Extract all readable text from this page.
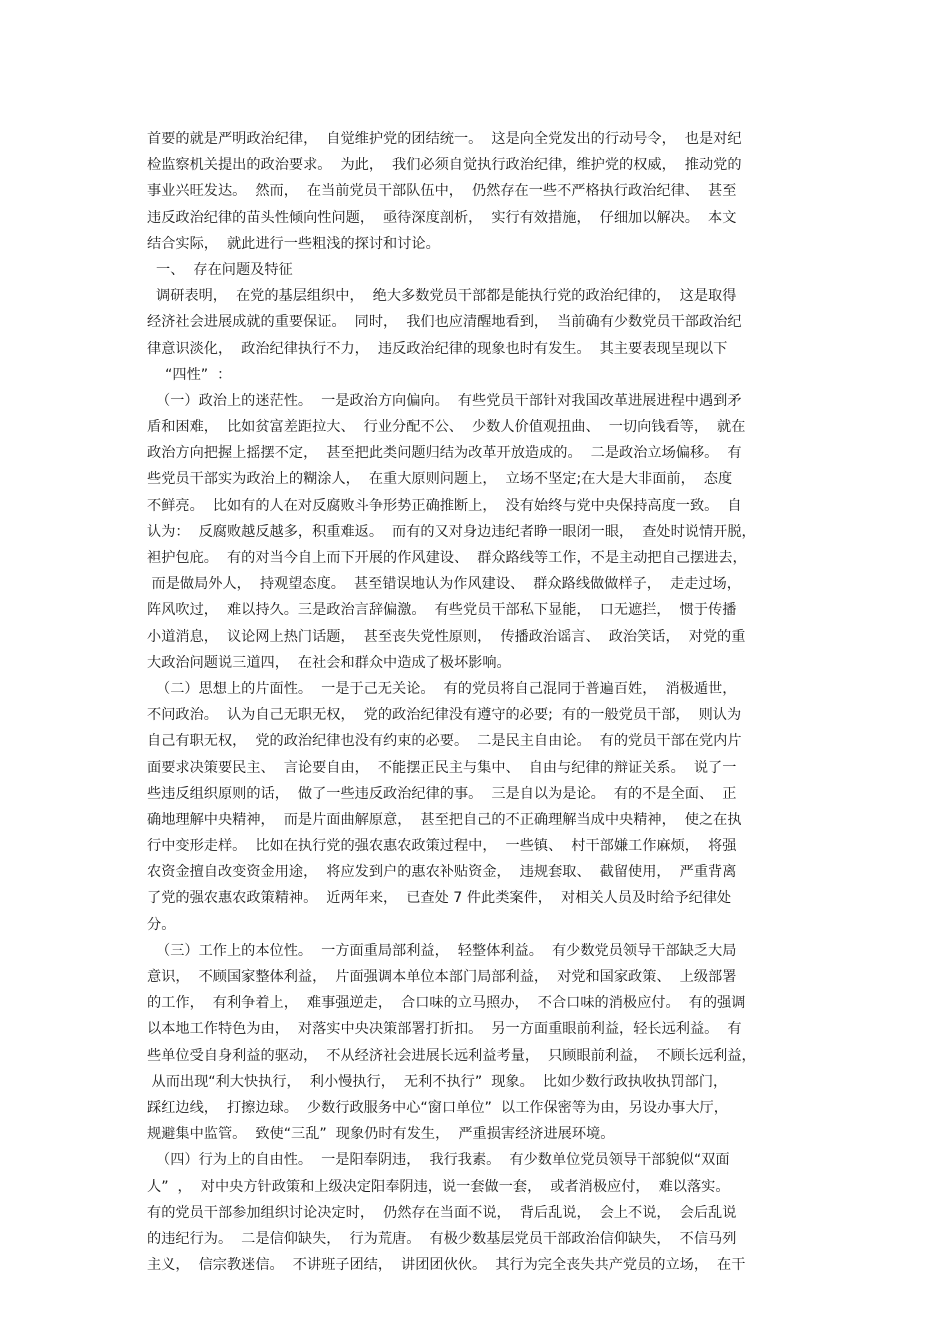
首要的就是严明政治纪律，  自觉维护党的团结统一。  这是向全党发出的行动号令，  也是对纪
检监察机关提出的政治要求。  为此，  我们必须自觉执行政治纪律，维护党的权威，  推动党的
事业兴旺发达。  然而，  在当前党员干部队伍中，  仍然存在一些不严格执行政治纪律、  甚至
违反政治纪律的苗头性倾向性问题，  亟待深度剖析，  实行有效措施，  仔细加以解决。  本文
结合实际，  就此进行一些粗浅的探讨和讨论。
一、  存在问题及特征
调研表明，  在党的基层组织中，  绝大多数党员干部都是能执行党的政治纪律的，  这是取得
经济社会进展成就的重要保证。  同时，  我们也应清醒地看到，  当前确有少数党员干部政治纪
律意识淡化，  政治纪律执行不力，  违反政治纪律的现象也时有发生。  其主要表现呈现以下
“四性”  ：
（一）政治上的迷茫性。  一是政治方向偏向。  有些党员干部针对我国改革进展进程中遇到矛
盾和困难，  比如贫富差距拉大、  行业分配不公、  少数人价值观扭曲、  一切向钱看等，  就在
政治方向把握上摇摆不定，  甚至把此类问题归结为改革开放造成的。  二是政治立场偏移。  有
些党员干部实为政治上的糊涂人，  在重大原则问题上，  立场不坚定;在大是大非面前，  态度
不鲜亮。  比如有的人在对反腐败斗争形势正确推断上，  没有始终与党中央保持高度一致。  自
认为：  反腐败越反越多，积重难返。  而有的又对身边违纪者睁一眼闭一眼，  查处时说情开脱，
袒护包庇。  有的对当今自上而下开展的作风建设、  群众路线等工作，不是主动把自己摆进去，
而是做局外人，  持观望态度。  甚至错误地认为作风建设、  群众路线做做样子，  走走过场，
阵风吹过，  难以持久。三是政治言辞偏激。  有些党员干部私下显能，  口无遮拦，  惯于传播
小道消息，  议论网上热门话题，  甚至丧失党性原则，  传播政治谣言、  政治笑话，  对党的重
大政治问题说三道四，  在社会和群众中造成了极坏影响。
（二）思想上的片面性。  一是于己无关论。  有的党员将自己混同于普遍百姓，  消极遁世，
不问政治。  认为自己无职无权，  党的政治纪律没有遵守的必要;  有的一般党员干部，  则认为
自己有职无权，  党的政治纪律也没有约束的必要。  二是民主自由论。  有的党员干部在党内片
面要求决策要民主、  言论要自由，  不能摆正民主与集中、  自由与纪律的辩证关系。  说了一
些违反组织原则的话，  做了一些违反政治纪律的事。  三是自以为是论。  有的不是全面、  正
确地理解中央精神，  而是片面曲解原意，  甚至把自己的不正确理解当成中央精神，  使之在执
行中变形走样。  比如在执行党的强农惠农政策过程中，  一些镇、  村干部嫌工作麻烦，  将强
农资金擅自改变资金用途，  将应发到户的惠农补贴资金，  违规套取、  截留使用，  严重背离
了党的强农惠农政策精神。  近两年来，  已查处 7 件此类案件，  对相关人员及时给予纪律处
分。
（三）工作上的本位性。  一方面重局部利益，  轻整体利益。  有少数党员领导干部缺乏大局
意识，  不顾国家整体利益，  片面强调本单位本部门局部利益，  对党和国家政策、  上级部署
的工作，  有利争着上，  难事强逆走，  合口味的立马照办，  不合口味的消极应付。  有的强调
以本地工作特色为由，  对落实中央决策部署打折扣。  另一方面重眼前利益，轻长远利益。  有
些单位受自身利益的驱动，  不从经济社会进展长远利益考量，  只顾眼前利益，  不顾长远利益，
从而出现“利大快执行，  利小慢执行，  无利不执行”  现象。  比如少数行政执收执罚部门，
踩红边线，  打擦边球。  少数行政服务中心“窗口单位”  以工作保密等为由，另设办事大厅，
规避集中监管。  致使“三乱”  现象仍时有发生，  严重损害经济进展环境。
（四）行为上的自由性。  一是阳奉阴违，  我行我素。  有少数单位党员领导干部貌似“双面
人”  ，  对中央方针政策和上级决定阳奉阴违，说一套做一套，  或者消极应付，  难以落实。
有的党员干部参加组织讨论决定时，  仍然存在当面不说，  背后乱说，  会上不说，  会后乱说
的违纪行为。  二是信仰缺失，  行为荒唐。  有极少数基层党员干部政治信仰缺失，  不信马列
主义，  信宗教迷信。  不讲班子团结，  讲团团伙伙。  其行为完全丧失共产党员的立场，  在干
